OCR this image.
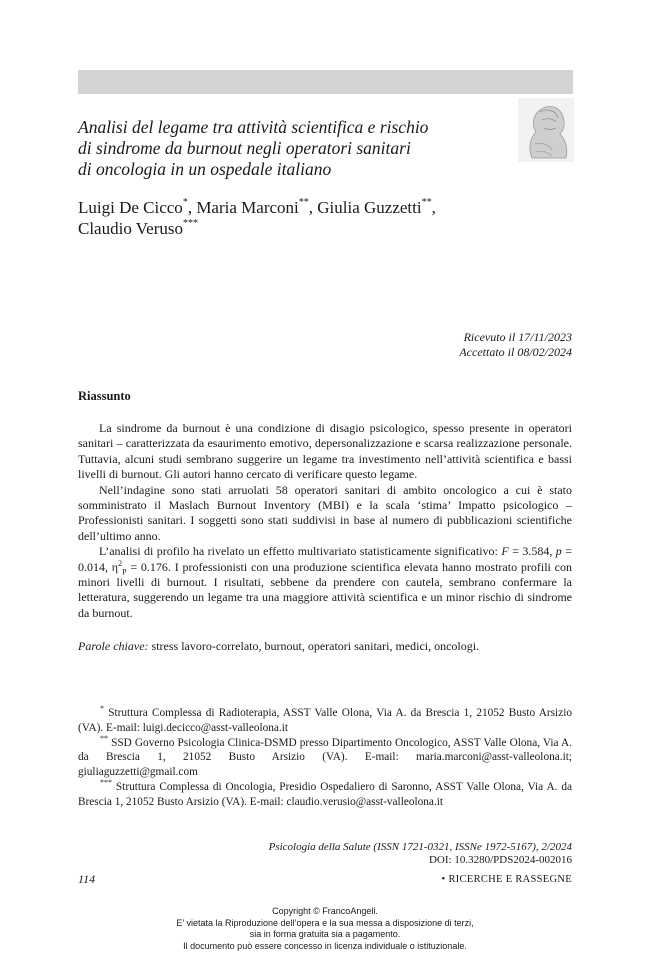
Analisi del legame tra attività scientifica e rischio
di sindrome da burnout negli operatori sanitari
di oncologia in un ospedale italiano
Luigi De Cicco*, Maria Marconi**, Giulia Guzzetti**,
Claudio Veruso***
Ricevuto il 17/11/2023
Accettato il 08/02/2024
Riassunto

La sindrome da burnout è una condizione di disagio psicologico, spesso presente in operatori sanitari – caratterizzata da esaurimento emotivo, depersonalizzazione e scarsa realizzazione personale. Tuttavia, alcuni studi sembrano suggerire un legame tra investimento nell’attività scientifica e bassi livelli di burnout. Gli autori hanno cercato di verificare questo legame.

Nell’indagine sono stati arruolati 58 operatori sanitari di ambito oncologico a cui è stato somministrato il Maslach Burnout Inventory (MBI) e la scala ‘stima’ Impatto psicologico – Professionisti sanitari. I soggetti sono stati suddivisi in base al numero di pubblicazioni scientifiche dell’ultimo anno.

L’analisi di profilo ha rivelato un effetto multivariato statisticamente significativo: F = 3.584, p = 0.014, $\eta^2_P = 0.176$. I professionisti con una produzione scientifica elevata hanno mostrato profili con minori livelli di burnout. I risultati, sebbene da prendere con cautela, sembrano confermare la letteratura, suggerendo un legame tra una maggiore attività scientifica e un minor rischio di sindrome da burnout.

Parole chiave: stress lavoro-correlato, burnout, operatori sanitari, medici, oncologi.

* Struttura Complessa di Radioterapia, ASST Valle Olona, Via A. da Brescia 1, 21052 Busto Arsizio (VA). E-mail: luigi.decicco@asst-valleolona.it

** SSD Governo Psicologia Clinica-DSMD presso Dipartimento Oncologico, ASST Valle Olona, Via A. da Brescia 1, 21052 Busto Arsizio (VA). E-mail: maria.marconi@asst-valleolona.it; giuliaguzzetti@gmail.com

*** Struttura Complessa di Oncologia, Presidio Ospedaliero di Saronno, ASST Valle Olona, Via A. da Brescia 1, 21052 Busto Arsizio (VA). E-mail: claudio.verusio@asst-valleolona.it

Psicologia della Salute (ISSN 1721-0321, ISSNe 1972-5167), 2/2024
DOI: 10.3280/PDS2024-002016
114	• RICERCHE E RASSEGNE
Copyright © FrancoAngeli.
E’ vietata la Riproduzione dell’opera e la sua messa a disposizione di terzi,
sia in forma gratuita sia a pagamento.
Il documento può essere concesso in licenza individuale o istituzionale.
